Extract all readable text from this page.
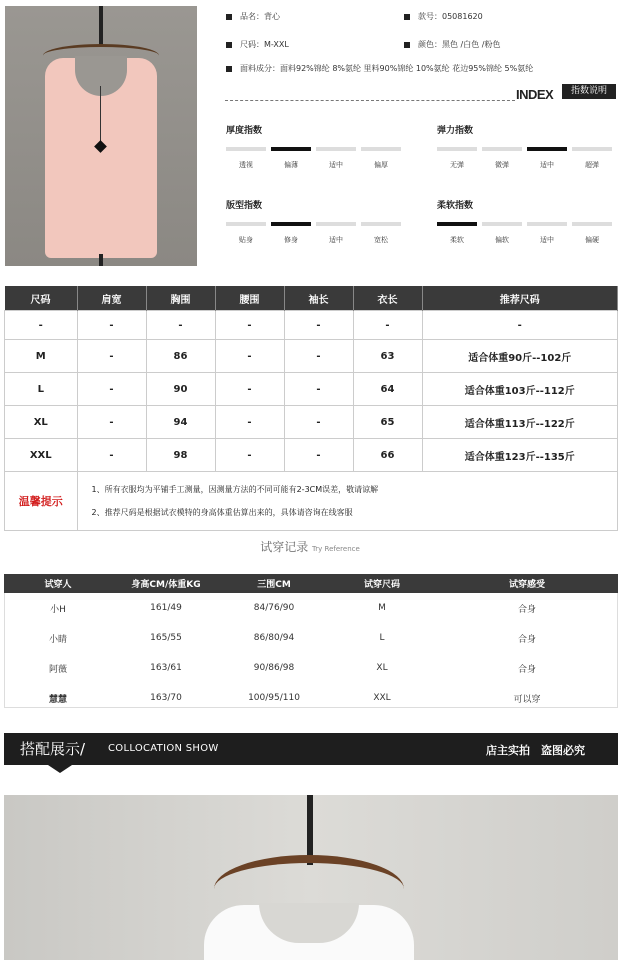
品名：背心	款号：05081620
尺码：M-XXL	颜色：黑色 /白色 /粉色
面料成分：面料92%锦纶 8%氨纶 里料90%锦纶 10%氨纶 花边95%锦纶 5%氨纶
INDEX	指数说明
厚度指数	弹力指数
版型指数	柔软指数
透视	偏薄	适中	偏厚	无弹	微弹	适中	超弹
贴身	修身	适中	宽松	柔软	偏软	适中	偏硬
尺码	肩宽	胸围	腰围	袖长	衣长	推荐尺码
-	-	-	-	-	-	-
M	-	86	-	-	63	适合体重90斤--102斤
L	-	90	-	-	64	适合体重103斤--112斤
XL	-	94	-	-	65	适合体重113斤--122斤
XXL	-	98	-	-	66	适合体重123斤--135斤
温馨提示	1、所有衣服均为平铺手工测量，因测量方法的不同可能有2-3CM误差，敬请谅解
2、推荐尺码是根据试衣模特的身高体重估算出来的，具体请咨询在线客服					
试穿记录 Try Reference
试穿人	身高CM/体重KG	三围CM	试穿尺码	试穿感受
小H	161/49	84/76/90	M	合身
小睛	165/55	86/80/94	L	合身
阿薇	163/61	90/86/98	XL	合身
慧慧	163/70	100/95/110	XXL	可以穿
搭配展示/ COLLOCATION SHOW	店主实拍　盗图必究
